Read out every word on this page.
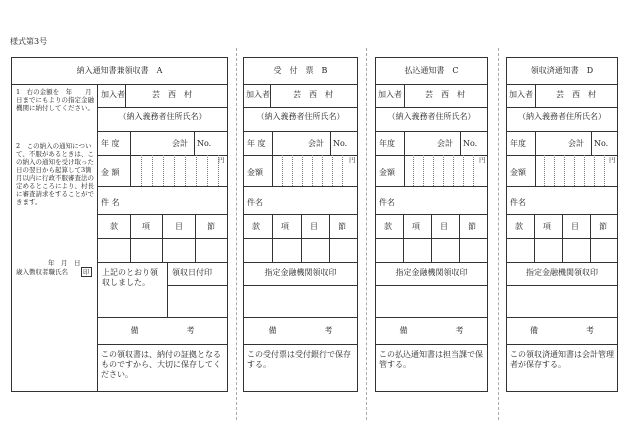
様式第3号
納入通知書兼領収書　A
1　右の金額を　年　　月　日までにもよりの指定金融機関に納付してください。
2　この納入の通知について、不服があるときは、この納入の通知を受け取った日の翌日から起算して3箇月以内に行政不服審査法の定めるところにより、村長に審査請求をすることができます。
年　月　日
歳入徴収者職氏名	印
加入者	芸　西　村
（納入義務者住所氏名）
年 度	会計 No.
金 額
円
件 名
款	項	目	節
上記のとおり領収しました。
領収日付印
備　　　　　　考
この領収書は、納付の証拠となるものですから、大切に保存してください。
受　付　票　B
加入者	芸　西　村
（納入義務者住所氏名）
年 度	会計 No.
金額
円
件名
款	項	目	節
指定金融機関領収印
備　　　　　　考
この受付票は受付銀行で保存する。
払込通知書　C
加入者	芸　西　村
（納入義務者住所氏名）
年度	会計 No.
金額
円
件名
款	項	目	節
指定金融機関領収印
備　　　　　　考
この払込通知書は担当課で保管する。
領収済通知書　D
加入者	芸　西　村
（納入義務者住所氏名）
年度	会計 No.
金額
円
件名
款	項	目	節
指定金融機関領収印
備　　　　　　考
この領収済通知書は会計管理者が保存する。
